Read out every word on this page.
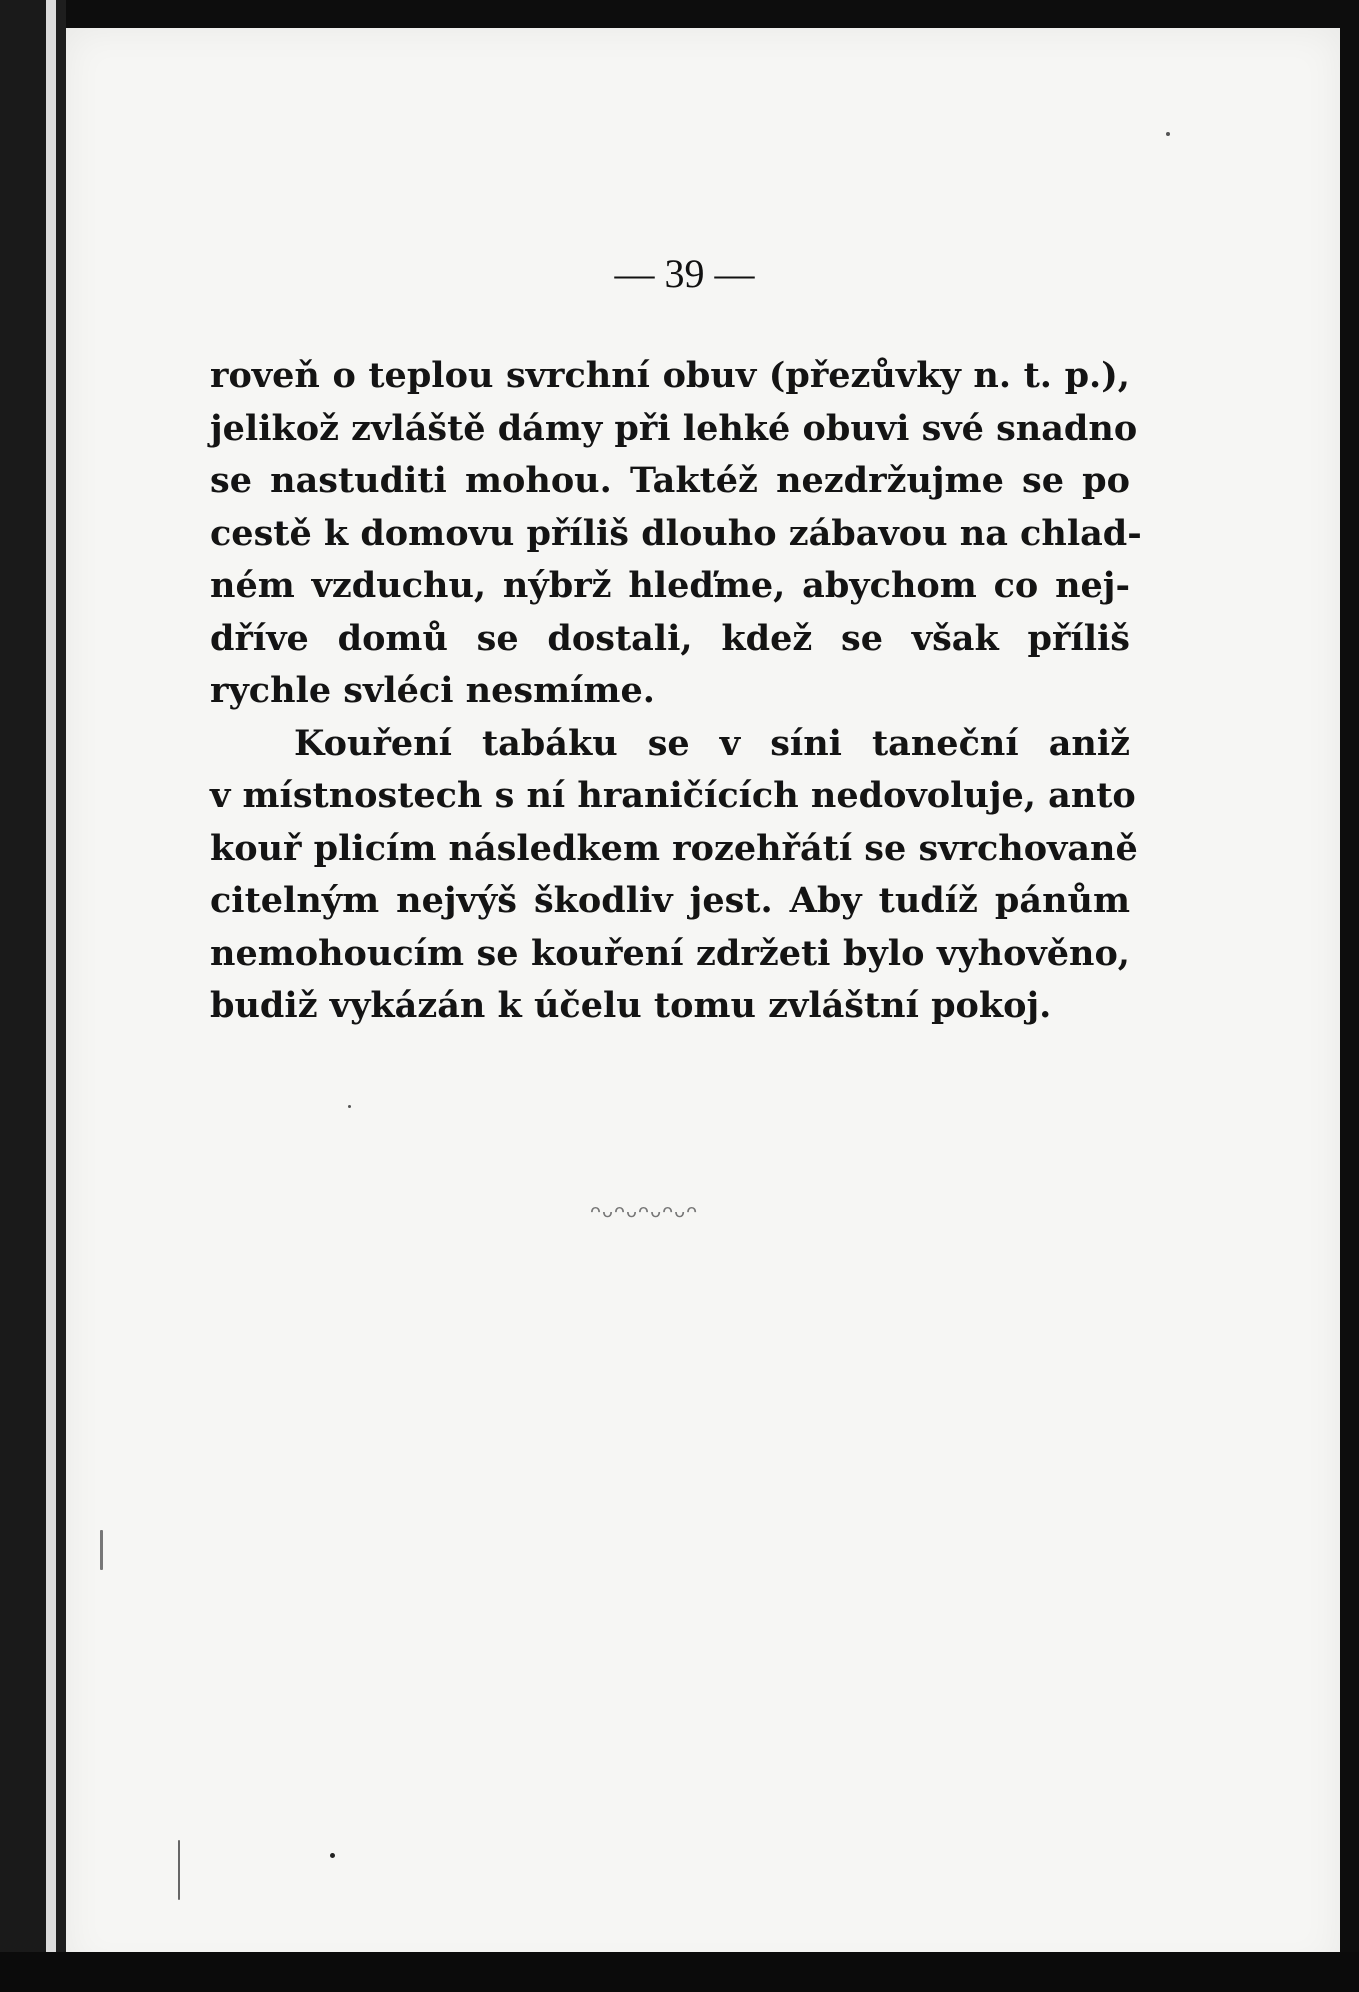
— 39 —
roveň o teplou svrchní obuv (přezůvky n. t. p.),
jelikož zvláště dámy při lehké obuvi své snadno
se nastuditi mohou. Taktéž nezdržujme se po
cestě k domovu příliš dlouho zábavou na chlad-
ném vzduchu, nýbrž hleďme, abychom co nej-
dříve domů se dostali, kdež se však příliš
rychle svléci nesmíme.
Kouření tabáku se v síni taneční aniž
v místnostech s ní hraničících nedovoluje, anto
kouř plicím následkem rozehřátí se svrchovaně
citelným nejvýš škodliv jest. Aby tudíž pánům
nemohoucím se kouření zdržeti bylo vyhověno,
budiž vykázán k účelu tomu zvláštní pokoj.
ᴖᴗᴖᴗᴖᴗᴖᴗᴖ
